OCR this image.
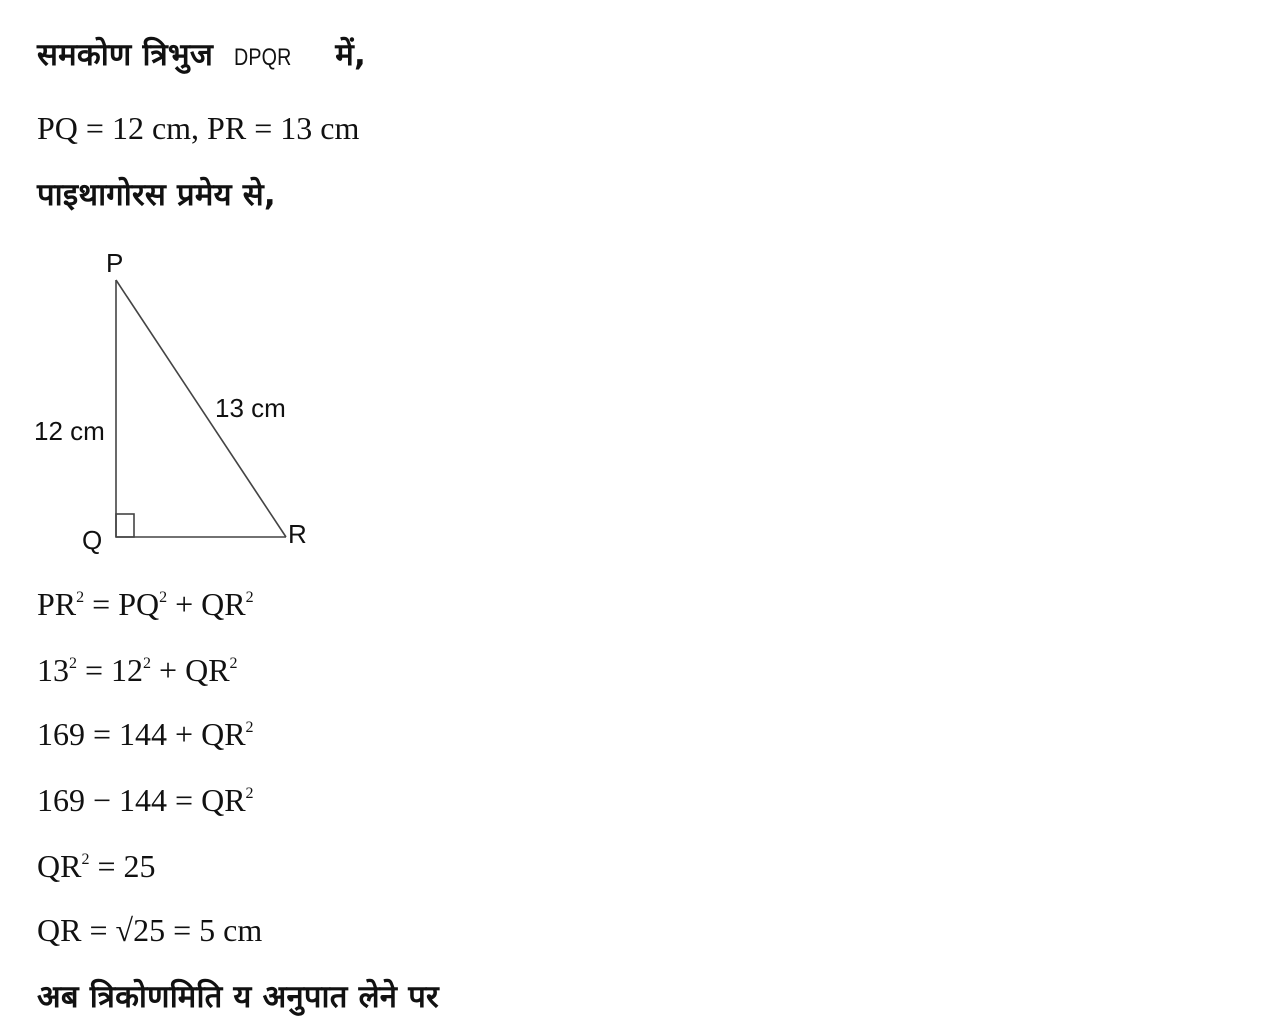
समकोण त्रिभुज DPQR में,
PQ = 12 cm, PR = 13 cm
पाइथागोरस प्रमेय से,
P
Q	R
12 cm
13 cm
$PR^2 = PQ^2 + QR^2$
$13^2 = 12^2 + QR^2$
$169 = 144 + QR^2$
$169 - 144 = QR^2$
$QR^2 = 25$
QR = √25 = 5 cm
अब त्रिकोणमिति य अनुपात लेने पर
